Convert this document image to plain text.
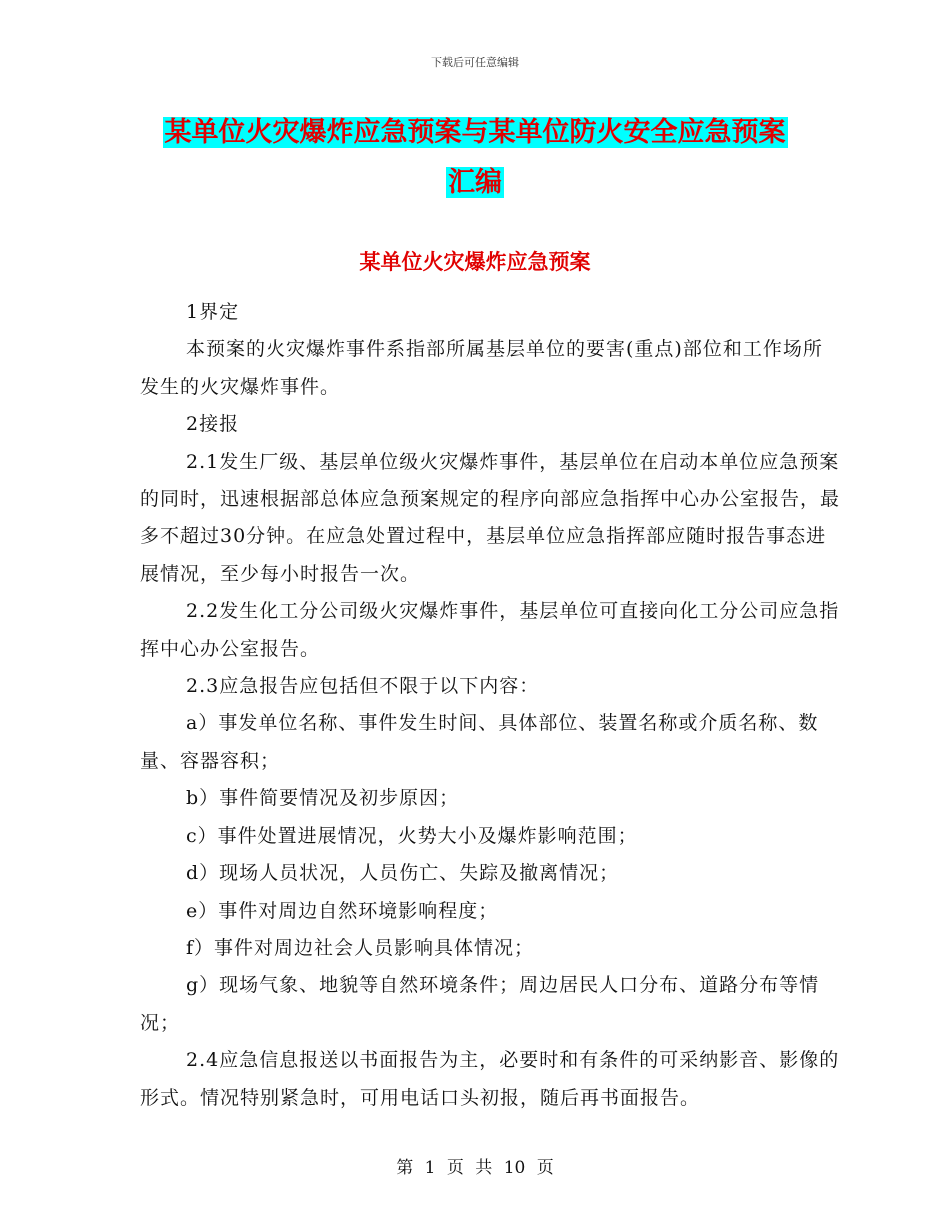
下载后可任意编辑
某单位火灾爆炸应急预案与某单位防火安全应急预案
汇编
某单位火灾爆炸应急预案

1界定

本预案的火灾爆炸事件系指部所属基层单位的要害(重点)部位和工作场所发生的火灾爆炸事件。

2接报

2.1发生厂级、基层单位级火灾爆炸事件，基层单位在启动本单位应急预案的同时，迅速根据部总体应急预案规定的程序向部应急指挥中心办公室报告，最多不超过30分钟。在应急处置过程中，基层单位应急指挥部应随时报告事态进展情况，至少每小时报告一次。

2.2发生化工分公司级火灾爆炸事件，基层单位可直接向化工分公司应急指挥中心办公室报告。

2.3应急报告应包括但不限于以下内容：

a）事发单位名称、事件发生时间、具体部位、装置名称或介质名称、数量、容器容积；

b）事件简要情况及初步原因；

c）事件处置进展情况，火势大小及爆炸影响范围；

d）现场人员状况，人员伤亡、失踪及撤离情况；

e）事件对周边自然环境影响程度；

f）事件对周边社会人员影响具体情况；

g）现场气象、地貌等自然环境条件；周边居民人口分布、道路分布等情况；

2.4应急信息报送以书面报告为主，必要时和有条件的可采纳影音、影像的形式。情况特别紧急时，可用电话口头初报，随后再书面报告。

第 1 页 共 10 页
